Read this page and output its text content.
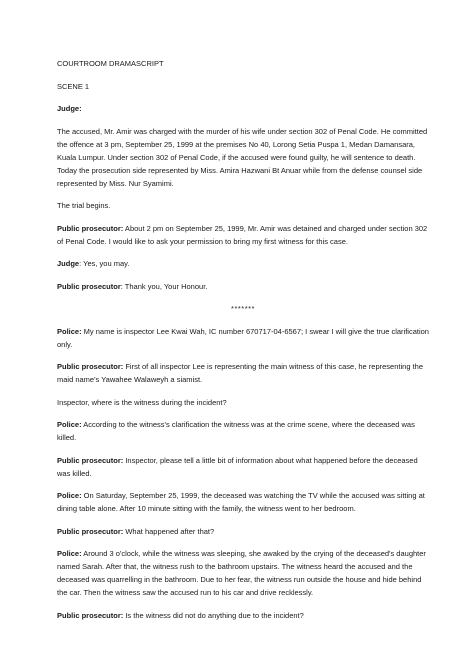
COURTROOM DRAMASCRIPT

SCENE 1

Judge:

The accused, Mr. Amir was charged with the murder of his wife under section 302 of Penal Code. He committed the offence at 3 pm, September 25, 1999 at the premises No 40, Lorong Setia Puspa 1, Medan Damansara, Kuala Lumpur. Under section 302 of Penal Code, if the accused were found guilty, he will sentence to death. Today the prosecution side represented by Miss. Amira Hazwani Bt Anuar while from the defense counsel side represented by Miss. Nur Syamimi.

The trial begins.

Public prosecutor: About 2 pm on September 25, 1999, Mr. Amir was detained and charged under section 302 of Penal Code. I would like to ask your permission to bring my first witness for this case.

Judge: Yes, you may.

Public prosecutor: Thank you, Your Honour.

*******

Police: My name is inspector Lee Kwai Wah, IC number 670717-04-6567; I swear I will give the true clarification only.

Public prosecutor: First of all inspector Lee is representing the main witness of this case, he representing the maid name's Yawahee Walaweyh a siamist.

Inspector, where is the witness during the incident?

Police: According to the witness's clarification the witness was at the crime scene, where the deceased was killed.

Public prosecutor: Inspector, please tell a little bit of information about what happened before the deceased was killed.

Police: On Saturday, September 25, 1999, the deceased was watching the TV while the accused was sitting at dining table alone. After 10 minute sitting with the family, the witness went to her bedroom.

Public prosecutor: What happened after that?

Police: Around 3 o'clock, while the witness was sleeping, she awaked by the crying of the deceased's daughter named Sarah. After that, the witness rush to the bathroom upstairs. The witness heard the accused and the deceased was quarrelling in the bathroom. Due to her fear, the witness run outside the house and hide behind the car. Then the witness saw the accused run to his car and drive recklessly.

Public prosecutor: Is the witness did not do anything due to the incident?
